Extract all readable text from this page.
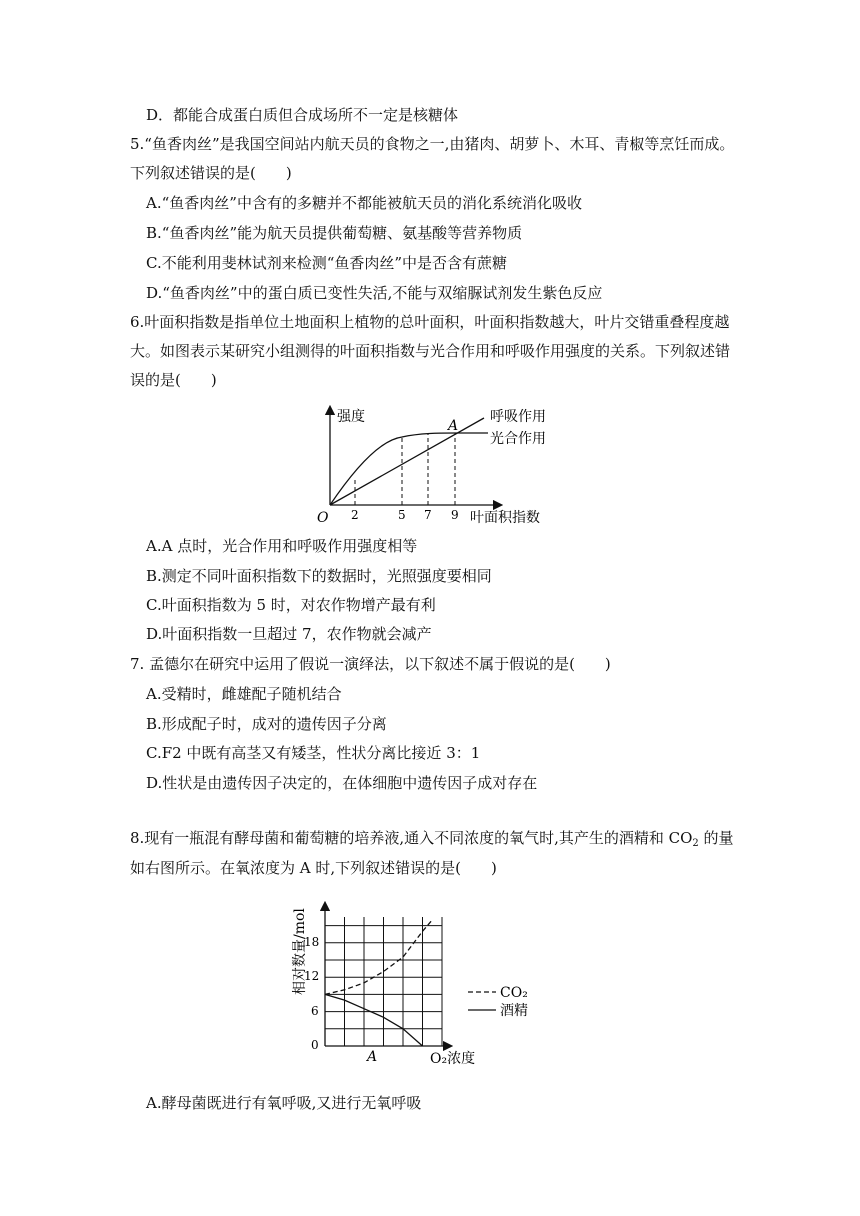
D．都能合成蛋白质但合成场所不一定是核糖体
5.“鱼香肉丝”是我国空间站内航天员的食物之一,由猪肉、胡萝卜、木耳、青椒等烹饪而成。
下列叙述错误的是(　　)
A.“鱼香肉丝”中含有的多糖并不都能被航天员的消化系统消化吸收
B.“鱼香肉丝”能为航天员提供葡萄糖、氨基酸等营养物质
C.不能利用斐林试剂来检测“鱼香肉丝”中是否含有蔗糖
D.“鱼香肉丝”中的蛋白质已变性失活,不能与双缩脲试剂发生紫色反应
6.叶面积指数是指单位土地面积上植物的总叶面积，叶面积指数越大，叶片交错重叠程度越
大。如图表示某研究小组测得的叶面积指数与光合作用和呼吸作用强度的关系。下列叙述错
误的是(　　)
强度
O	叶面积指数
2	5 7 9
A
呼吸作用
光合作用
A.A 点时，光合作用和呼吸作用强度相等
B.测定不同叶面积指数下的数据时，光照强度要相同
C.叶面积指数为 5 时，对农作物增产最有利
D.叶面积指数一旦超过 7，农作物就会减产
7. 孟德尔在研究中运用了假说一演绎法，以下叙述不属于假说的是(　　)
A.受精时，雌雄配子随机结合
B.形成配子时，成对的遗传因子分离
C.F2 中既有高茎又有矮茎，性状分离比接近 3：1
D.性状是由遗传因子决定的，在体细胞中遗传因子成对存在
8.现有一瓶混有酵母菌和葡萄糖的培养液,通入不同浓度的氧气时,其产生的酒精和 $CO_2$ 的量
如右图所示。在氧浓度为 A 时,下列叙述错误的是(　　)
相对数量/mol
18
12
6
0
A	O₂浓度
CO₂
酒精
A.酵母菌既进行有氧呼吸,又进行无氧呼吸
